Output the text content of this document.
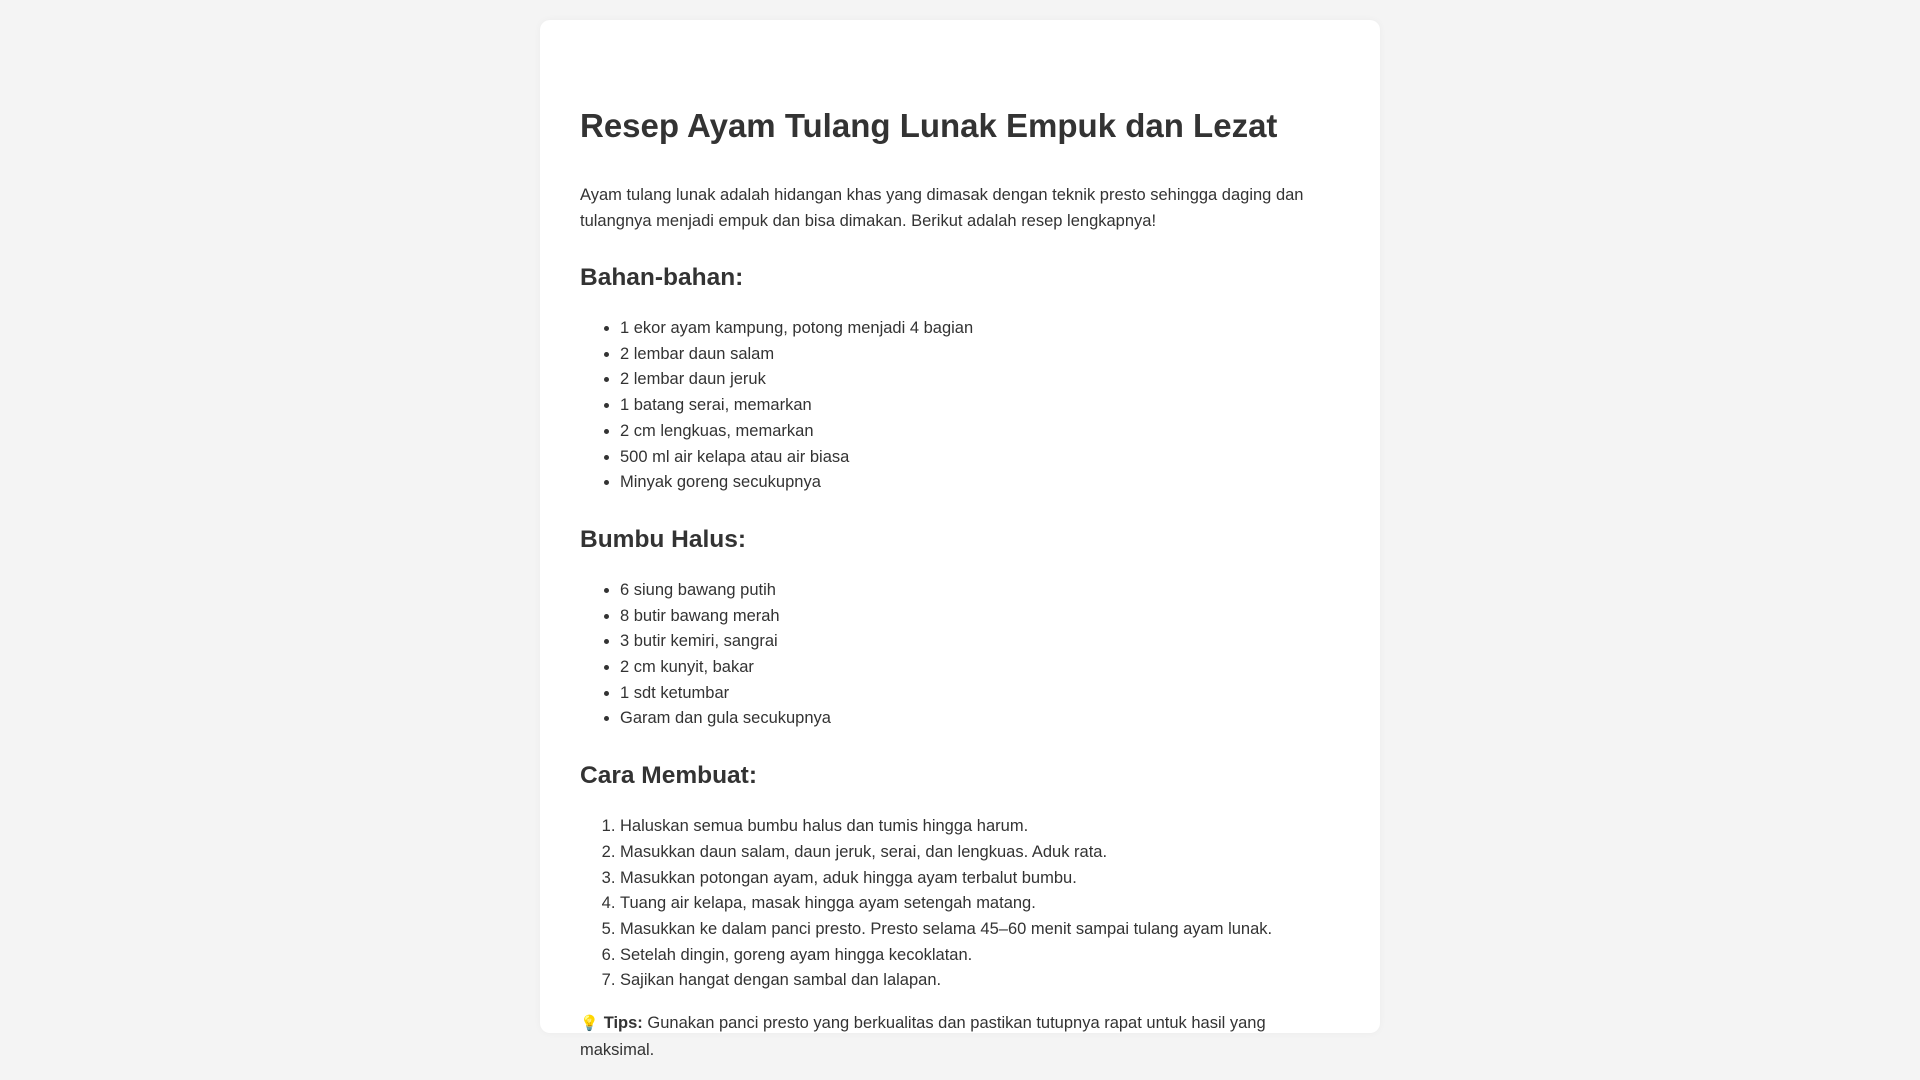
Resep Ayam Tulang Lunak Empuk dan Lezat

Ayam tulang lunak adalah hidangan khas yang dimasak dengan teknik presto sehingga daging dan tulangnya menjadi empuk dan bisa dimakan. Berikut adalah resep lengkapnya!

Bahan-bahan:
• 1 ekor ayam kampung, potong menjadi 4 bagian
• 2 lembar daun salam
• 2 lembar daun jeruk
• 1 batang serai, memarkan
• 2 cm lengkuas, memarkan
• 500 ml air kelapa atau air biasa
• Minyak goreng secukupnya
Bumbu Halus:
• 6 siung bawang putih
• 8 butir bawang merah
• 3 butir kemiri, sangrai
• 2 cm kunyit, bakar
• 1 sdt ketumbar
• Garam dan gula secukupnya
Cara Membuat:
1. Haluskan semua bumbu halus dan tumis hingga harum.
2. Masukkan daun salam, daun jeruk, serai, dan lengkuas. Aduk rata.
3. Masukkan potongan ayam, aduk hingga ayam terbalut bumbu.
4. Tuang air kelapa, masak hingga ayam setengah matang.
5. Masukkan ke dalam panci presto. Presto selama 45–60 menit sampai tulang ayam lunak.
6. Setelah dingin, goreng ayam hingga kecoklatan.
7. Sajikan hangat dengan sambal dan lalapan.

💡 Tips: Gunakan panci presto yang berkualitas dan pastikan tutupnya rapat untuk hasil yang maksimal.
